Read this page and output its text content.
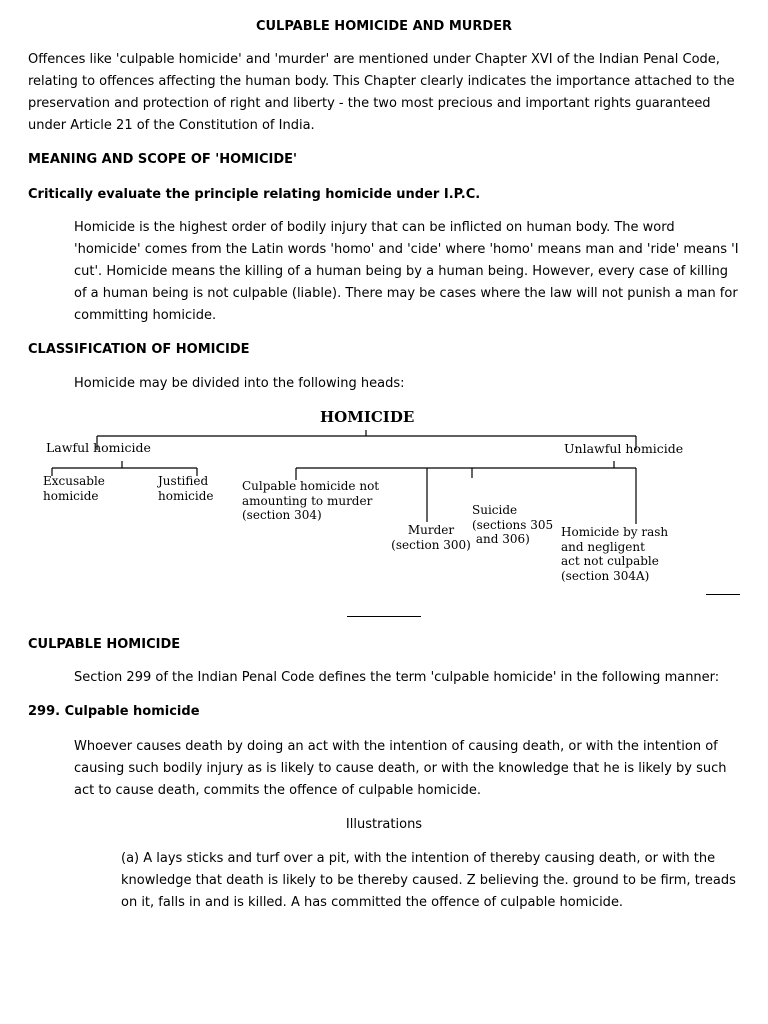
CULPABLE HOMICIDE AND MURDER

Offences like 'culpable homicide' and 'murder' are mentioned under Chapter XVI of the Indian Penal Code, relating to offences affecting the human body. This Chapter clearly indicates the importance attached to the preservation and protection of right and liberty - the two most precious and important rights guaranteed under Article 21 of the Constitution of India.

MEANING AND SCOPE OF 'HOMICIDE'
Critically evaluate the principle relating homicide under I.P.C.

Homicide is the highest order of bodily injury that can be inflicted on human body. The word 'homicide' comes from the Latin words 'homo' and 'cide' where 'homo' means man and 'ride' means 'I cut'. Homicide means the killing of a human being by a human being. However, every case of killing of a human being is not culpable (liable). There may be cases where the law will not punish a man for committing homicide.

CLASSIFICATION OF HOMICIDE
Homicide may be divided into the following heads:
HOMICIDE
Lawful homicide	Unlawful homicide
Excusable
homicide
Justified
homicide
Culpable homicide not
amounting to murder
(section 304)

	Suicide
(sections 305
and 306)

Murder
(section 300)
Homicide by rash
and negligent
act not culpable
(section 304A)
CULPABLE HOMICIDE
Section 299 of the Indian Penal Code defines the term 'culpable homicide' in the following manner:
299. Culpable homicide

Whoever causes death by doing an act with the intention of causing death, or with the intention of causing such bodily injury as is likely to cause death, or with the knowledge that he is likely by such act to cause death, commits the offence of culpable homicide.

Illustrations

(a) A lays sticks and turf over a pit, with the intention of thereby causing death, or with the knowledge that death is likely to be thereby caused. Z believing the. ground to be firm, treads on it, falls in and is killed. A has committed the offence of culpable homicide.
